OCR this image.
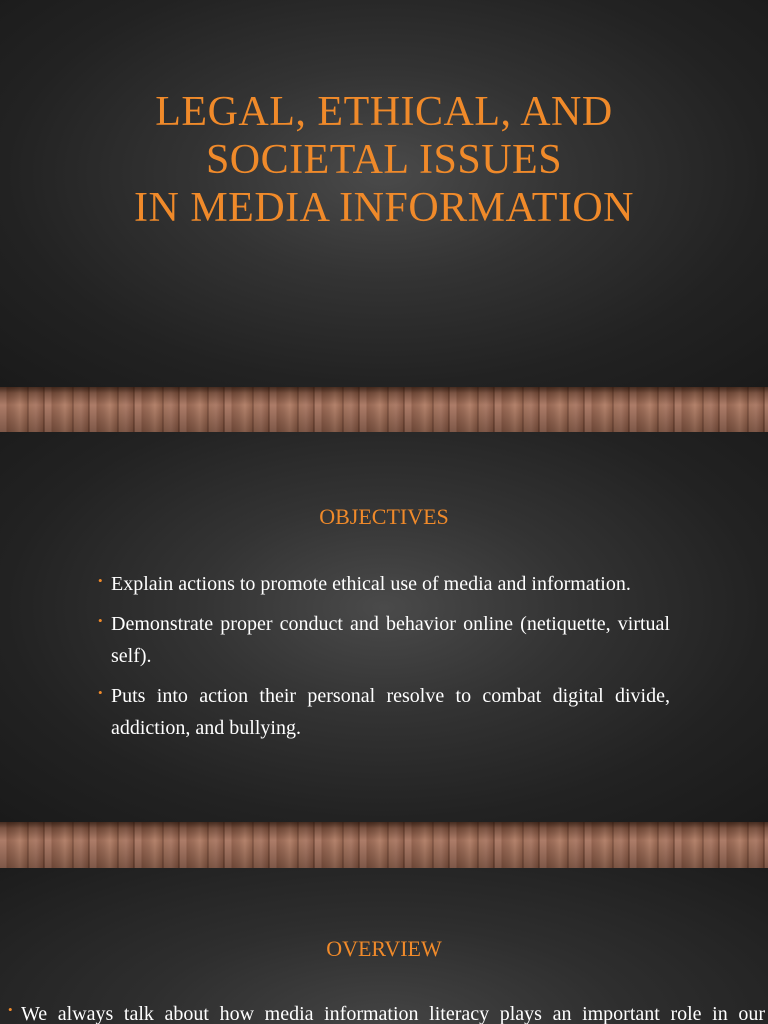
LEGAL, ETHICAL, AND
SOCIETAL ISSUES
IN MEDIA INFORMATION
OBJECTIVES
• Explain actions to promote ethical use of media and information.
• Demonstrate proper conduct and behavior online (netiquette, virtual self).
• Puts into action their personal resolve to combat digital divide, addiction, and bullying.
OVERVIEW
• We always talk about how media information literacy plays an important role in our
